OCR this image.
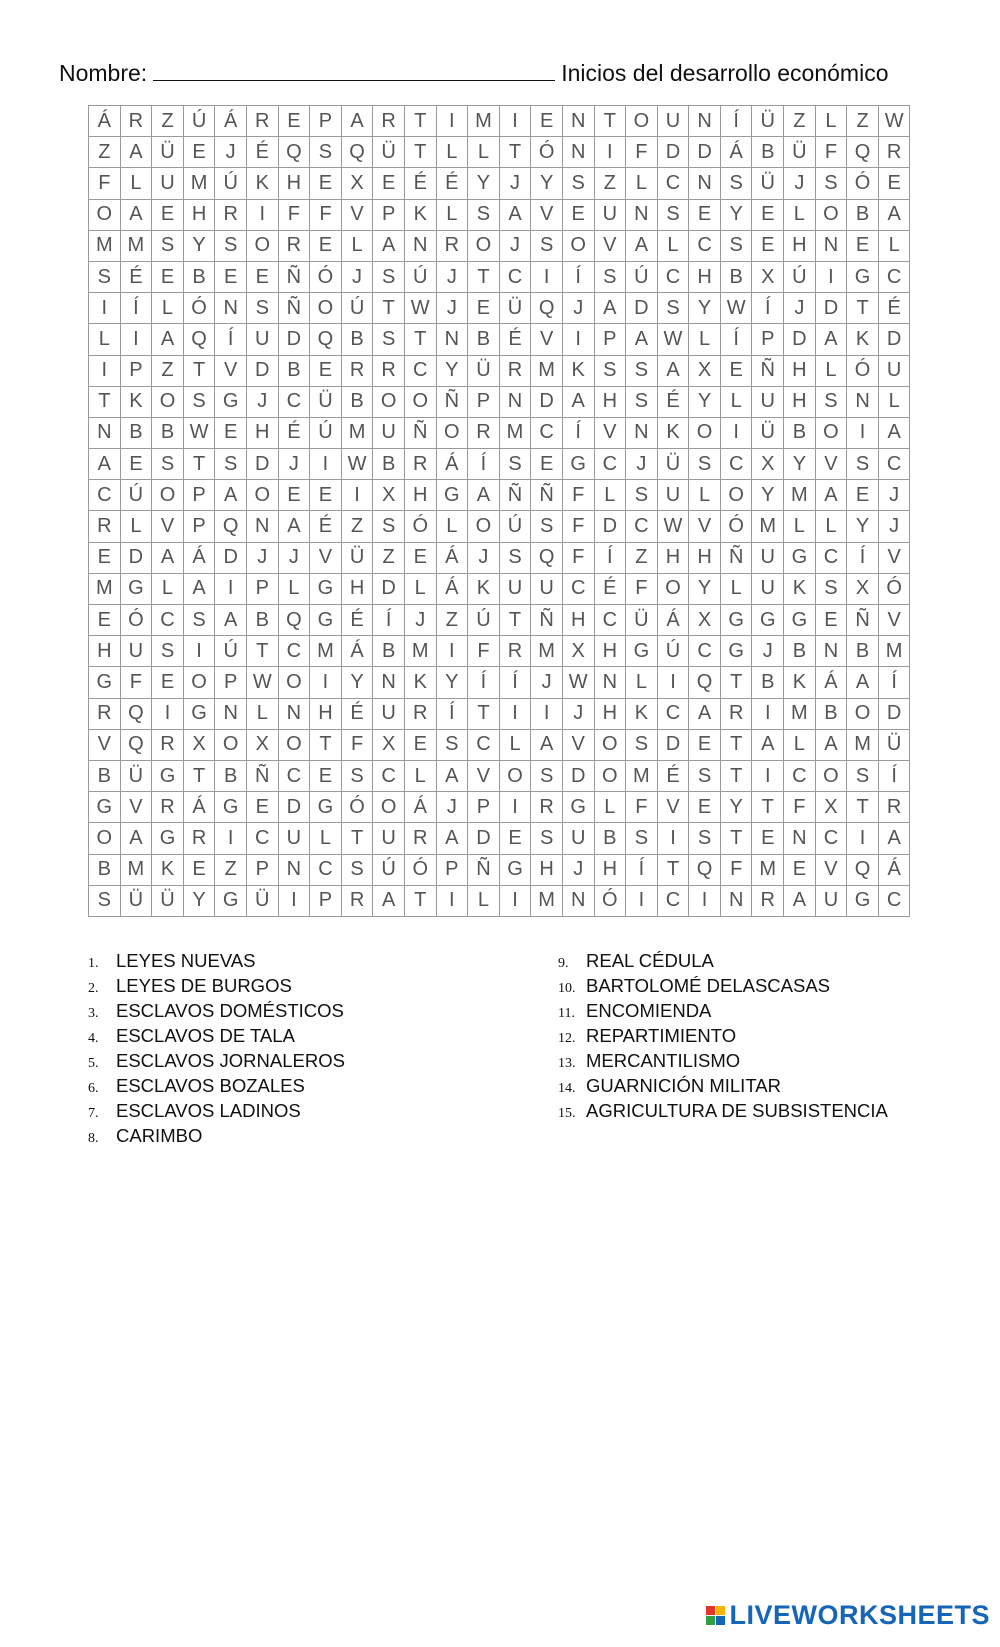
Nombre:	Inicios del desarrollo económico
Á	R	Z	Ú	Á	R	E	P	A	R	T	I	M	I	E	N	T	O	U	N	Í	Ü	Z	L	Z	W
Z	A	Ü	E	J	É	Q	S	Q	Ü	T	L	L	T	Ó	N	I	F	D	D	Á	B	Ü	F	Q	R
F	L	U	M	Ú	K	H	E	X	E	É	É	Y	J	Y	S	Z	L	C	N	S	Ü	J	S	Ó	E
O	A	E	H	R	I	F	F	V	P	K	L	S	A	V	E	U	N	S	E	Y	E	L	O	B	A
M	M	S	Y	S	O	R	E	L	A	N	R	O	J	S	O	V	A	L	C	S	E	H	N	E	L
S	É	E	B	E	E	Ñ	Ó	J	S	Ú	J	T	C	I	Í	S	Ú	C	H	B	X	Ú	I	G	C
I	Í	L	Ó	N	S	Ñ	O	Ú	T	W	J	E	Ü	Q	J	A	D	S	Y	W	Í	J	D	T	É
L	I	A	Q	Í	U	D	Q	B	S	T	N	B	É	V	I	P	A	W	L	Í	P	D	A	K	D
I	P	Z	T	V	D	B	E	R	R	C	Y	Ü	R	M	K	S	S	A	X	E	Ñ	H	L	Ó	U
T	K	O	S	G	J	C	Ü	B	O	O	Ñ	P	N	D	A	H	S	É	Y	L	U	H	S	N	L
N	B	B	W	E	H	É	Ú	M	U	Ñ	O	R	M	C	Í	V	N	K	O	I	Ü	B	O	I	A
A	E	S	T	S	D	J	I	W	B	R	Á	Í	S	E	G	C	J	Ü	S	C	X	Y	V	S	C
C	Ú	O	P	A	O	E	E	I	X	H	G	A	Ñ	Ñ	F	L	S	U	L	O	Y	M	A	E	J
R	L	V	P	Q	N	A	É	Z	S	Ó	L	O	Ú	S	F	D	C	W	V	Ó	M	L	L	Y	J
E	D	A	Á	D	J	J	V	Ü	Z	E	Á	J	S	Q	F	Í	Z	H	H	Ñ	U	G	C	Í	V
M	G	L	A	I	P	L	G	H	D	L	Á	K	U	U	C	É	F	O	Y	L	U	K	S	X	Ó
E	Ó	C	S	A	B	Q	G	É	Í	J	Z	Ú	T	Ñ	H	C	Ü	Á	X	G	G	G	E	Ñ	V
H	U	S	I	Ú	T	C	M	Á	B	M	I	F	R	M	X	H	G	Ú	C	G	J	B	N	B	M
G	F	E	O	P	W	O	I	Y	N	K	Y	Í	Í	J	W	N	L	I	Q	T	B	K	Á	A	Í
R	Q	I	G	N	L	N	H	É	U	R	Í	T	I	I	J	H	K	C	A	R	I	M	B	O	D
V	Q	R	X	O	X	O	T	F	X	E	S	C	L	A	V	O	S	D	E	T	A	L	A	M	Ü
B	Ü	G	T	B	Ñ	C	E	S	C	L	A	V	O	S	D	O	M	É	S	T	I	C	O	S	Í
G	V	R	Á	G	E	D	G	Ó	O	Á	J	P	I	R	G	L	F	V	E	Y	T	F	X	T	R
O	A	G	R	I	C	U	L	T	U	R	A	D	E	S	U	B	S	I	S	T	E	N	C	I	A
B	M	K	E	Z	P	N	C	S	Ú	Ó	P	Ñ	G	H	J	H	Í	T	Q	F	M	E	V	Q	Á
S	Ü	Ü	Y	G	Ü	I	P	R	A	T	I	L	I	M	N	Ó	I	C	I	N	R	A	U	G	C
1. LEYES NUEVAS
2. LEYES DE BURGOS
3. ESCLAVOS DOMÉSTICOS
4. ESCLAVOS DE TALA
5. ESCLAVOS JORNALEROS
6. ESCLAVOS BOZALES
7. ESCLAVOS LADINOS
8. CARIMBO
9. REAL CÉDULA
10. BARTOLOMÉ DELASCASAS
11. ENCOMIENDA
12. REPARTIMIENTO
13. MERCANTILISMO
14. GUARNICIÓN MILITAR
15. AGRICULTURA DE SUBSISTENCIA
LIVEWORKSHEETS
